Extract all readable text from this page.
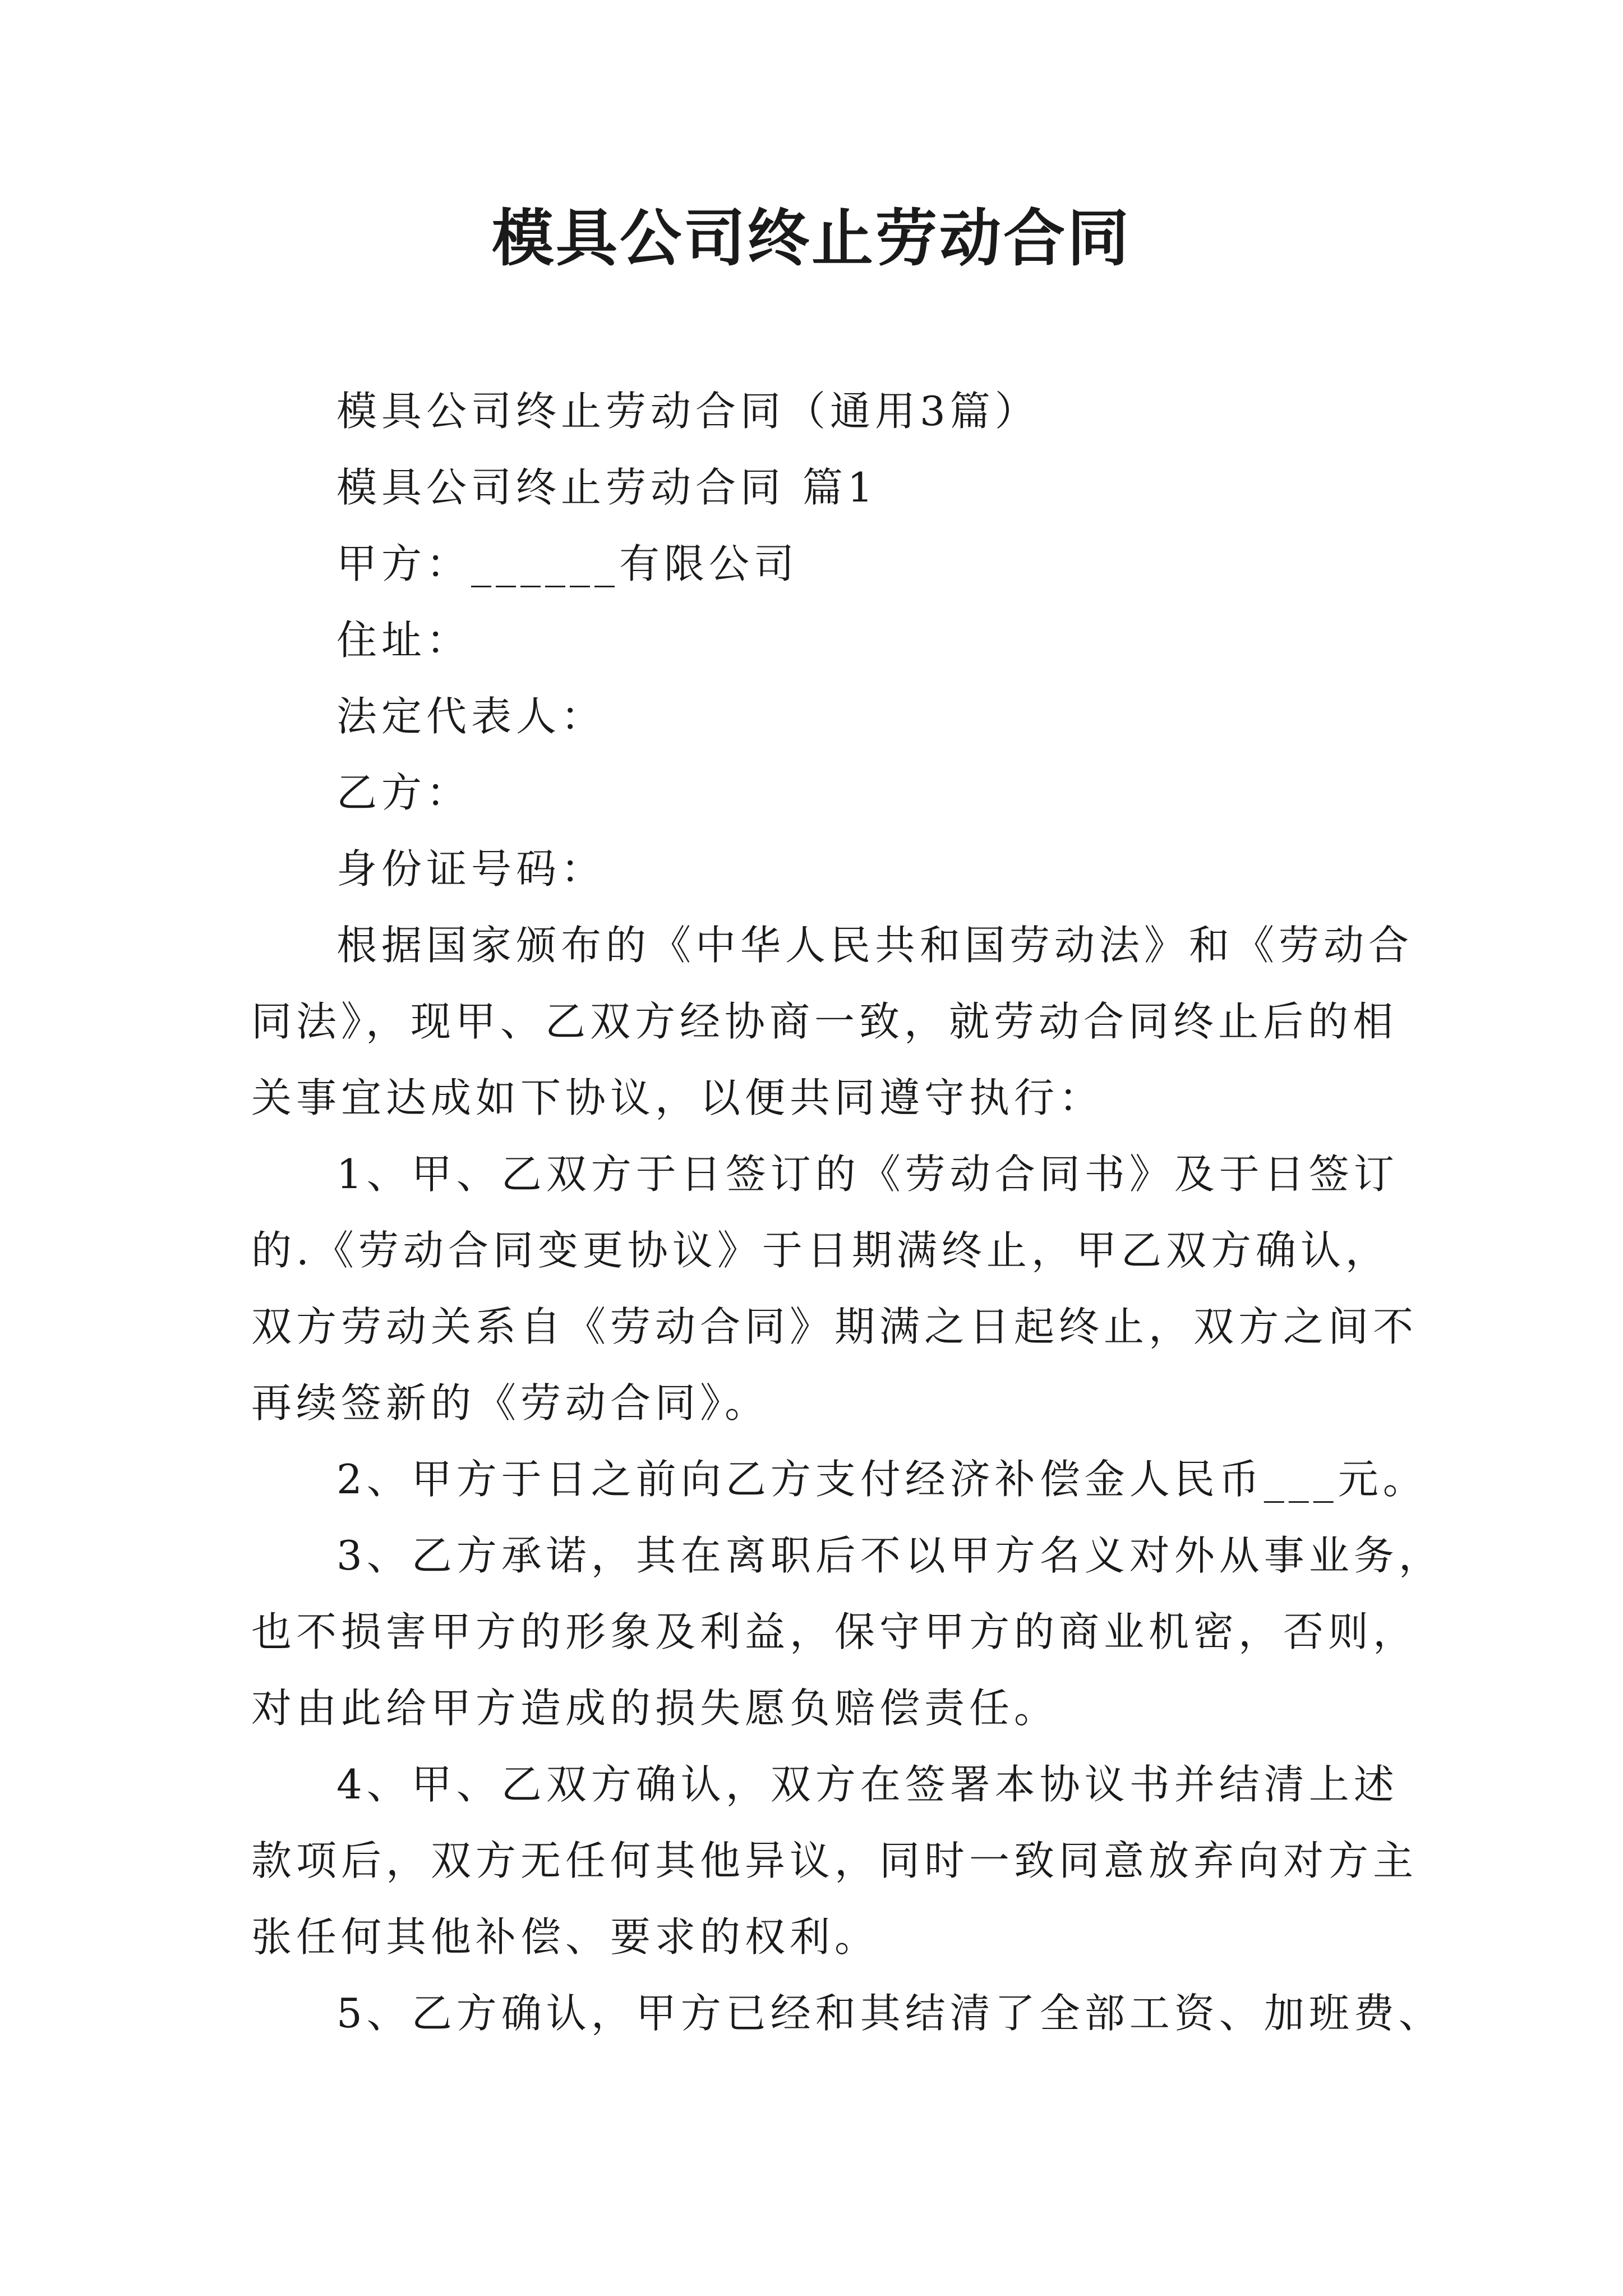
模具公司终止劳动合同
模具公司终止劳动合同（通用3篇）
模具公司终止劳动合同 篇1
甲方：______有限公司
住址：
法定代表人：
乙方：
身份证号码：
根据国家颁布的《中华人民共和国劳动法》和《劳动合
同法》，现甲、乙双方经协商一致，就劳动合同终止后的相
关事宜达成如下协议，以便共同遵守执行：
1、甲、乙双方于日签订的《劳动合同书》及于日签订
的.《劳动合同变更协议》于日期满终止，甲乙双方确认，
双方劳动关系自《劳动合同》期满之日起终止，双方之间不
再续签新的《劳动合同》。
2、甲方于日之前向乙方支付经济补偿金人民币___元。
3、乙方承诺，其在离职后不以甲方名义对外从事业务，
也不损害甲方的形象及利益，保守甲方的商业机密，否则，
对由此给甲方造成的损失愿负赔偿责任。
4、甲、乙双方确认，双方在签署本协议书并结清上述
款项后，双方无任何其他异议，同时一致同意放弃向对方主
张任何其他补偿、要求的权利。
5、乙方确认，甲方已经和其结清了全部工资、加班费、
